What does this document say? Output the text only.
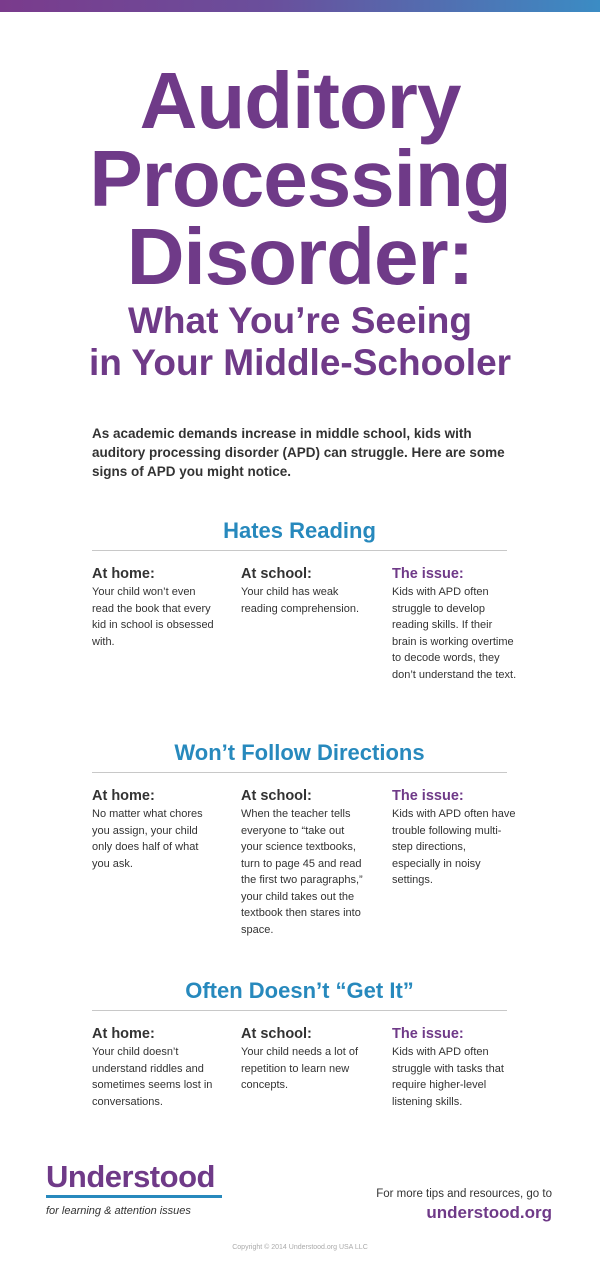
Auditory
Processing
Disorder:
What You’re Seeing
in Your Middle-Schooler
As academic demands increase in middle school, kids with auditory processing disorder (APD) can struggle. Here are some signs of APD you might notice.
Hates Reading
At home:
Your child won’t even read the book that every kid in school is obsessed with.
At school:
Your child has weak reading comprehension.
The issue:
Kids with APD often struggle to develop reading skills. If their brain is working overtime to decode words, they don’t understand the text.
Won’t Follow Directions
At home:
No matter what chores you assign, your child only does half of what you ask.
At school:
When the teacher tells everyone to “take out your science textbooks, turn to page 45 and read the first two paragraphs,” your child takes out the textbook then stares into space.
The issue:
Kids with APD often have trouble following multi-step directions, especially in noisy settings.
Often Doesn’t “Get It”
At home:
Your child doesn’t understand riddles and sometimes seems lost in conversations.
At school:
Your child needs a lot of repetition to learn new concepts.
The issue:
Kids with APD often struggle with tasks that require higher-level listening skills.
Understood
for learning & attention issues
For more tips and resources, go to
understood.org
Copyright © 2014 Understood.org USA LLC
